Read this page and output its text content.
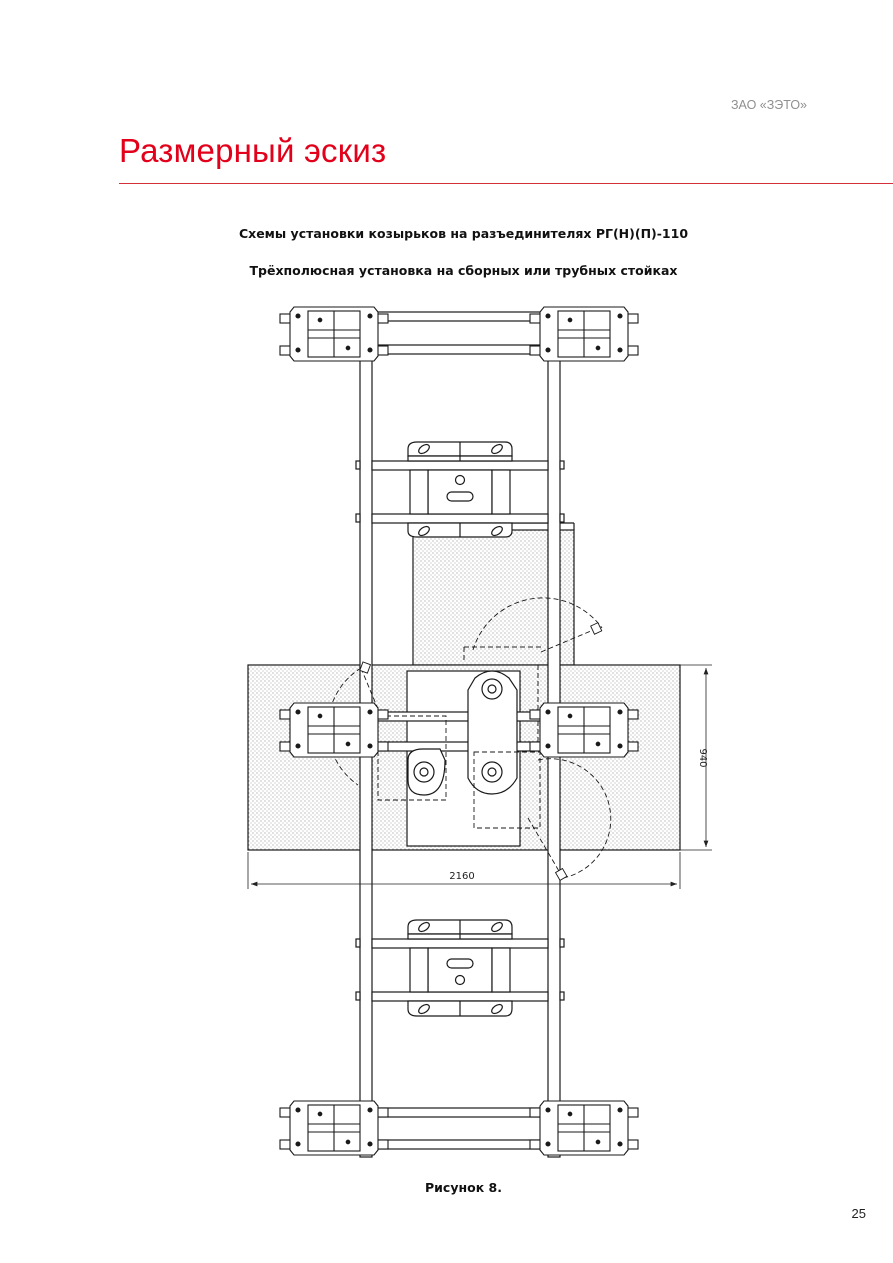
ЗАО «ЗЭТО»
Размерный эскиз
Схемы установки козырьков на разъединителях РГ(Н)(П)-110
Трёхполюсная установка на сборных или трубных стойках
2160
940
Рисунок 8.
25
